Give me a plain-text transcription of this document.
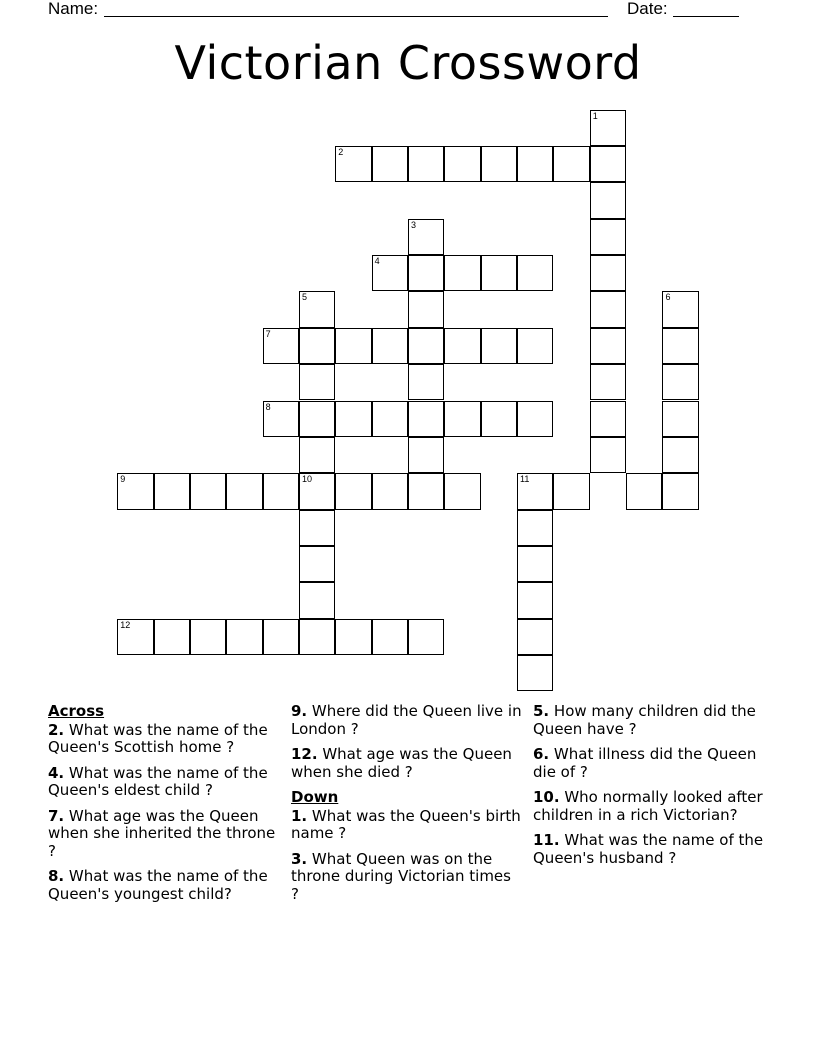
Name:	Date:
Victorian Crossword
1
2
3
4
5	6
7
8
9	10	11
12
Across
2. What was the name of the Queen's Scottish home ?
4. What was the name of the Queen's eldest child ?
7. What age was the Queen when she inherited the throne ?
8. What was the name of the Queen's youngest child?
9. Where did the Queen live in London ?
12. What age was the Queen when she died ?
Down
1. What was the Queen's birth name ?
3. What Queen was on the throne during Victorian times ?
5. How many children did the Queen have ?
6. What illness did the Queen die of ?
10. Who normally looked after children in a rich Victorian?
11. What was the name of the Queen's husband ?
